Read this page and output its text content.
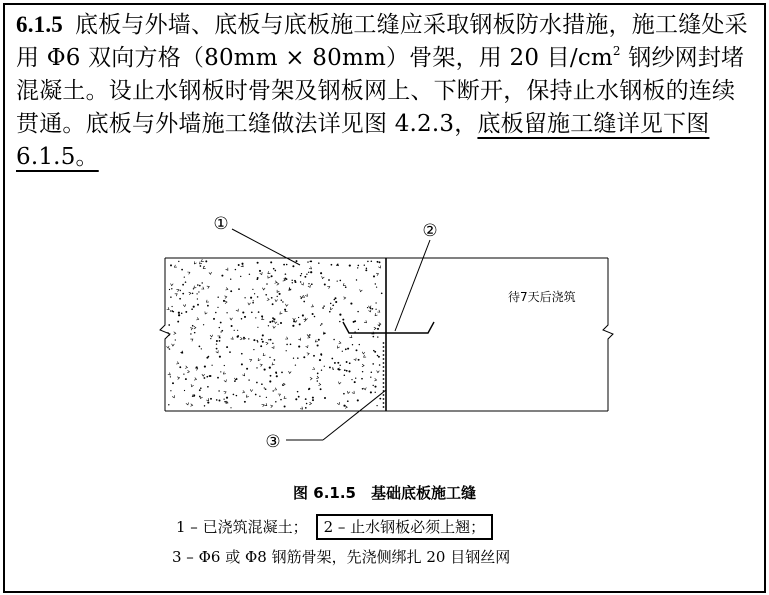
6.1.5 底板与外墙、底板与底板施工缝应采取钢板防水措施，施工缝处采用 Φ6 双向方格（80mm × 80mm）骨架，用 20 目$/cm^2$ 钢纱网封堵混凝土。设止水钢板时骨架及钢板网上、下断开，保持止水钢板的连续贯通。底板与外墙施工缝做法详见图 4.2.3，底板留施工缝详见下图 6.1.5。
①	②
③
待7天后浇筑
图 6.1.5　基础底板施工缝
1 – 已浇筑混凝土； 2 – 止水钢板必须上翘；
3 – Φ6 或 Φ8 钢筋骨架，先浇侧绑扎 20 目钢丝网
